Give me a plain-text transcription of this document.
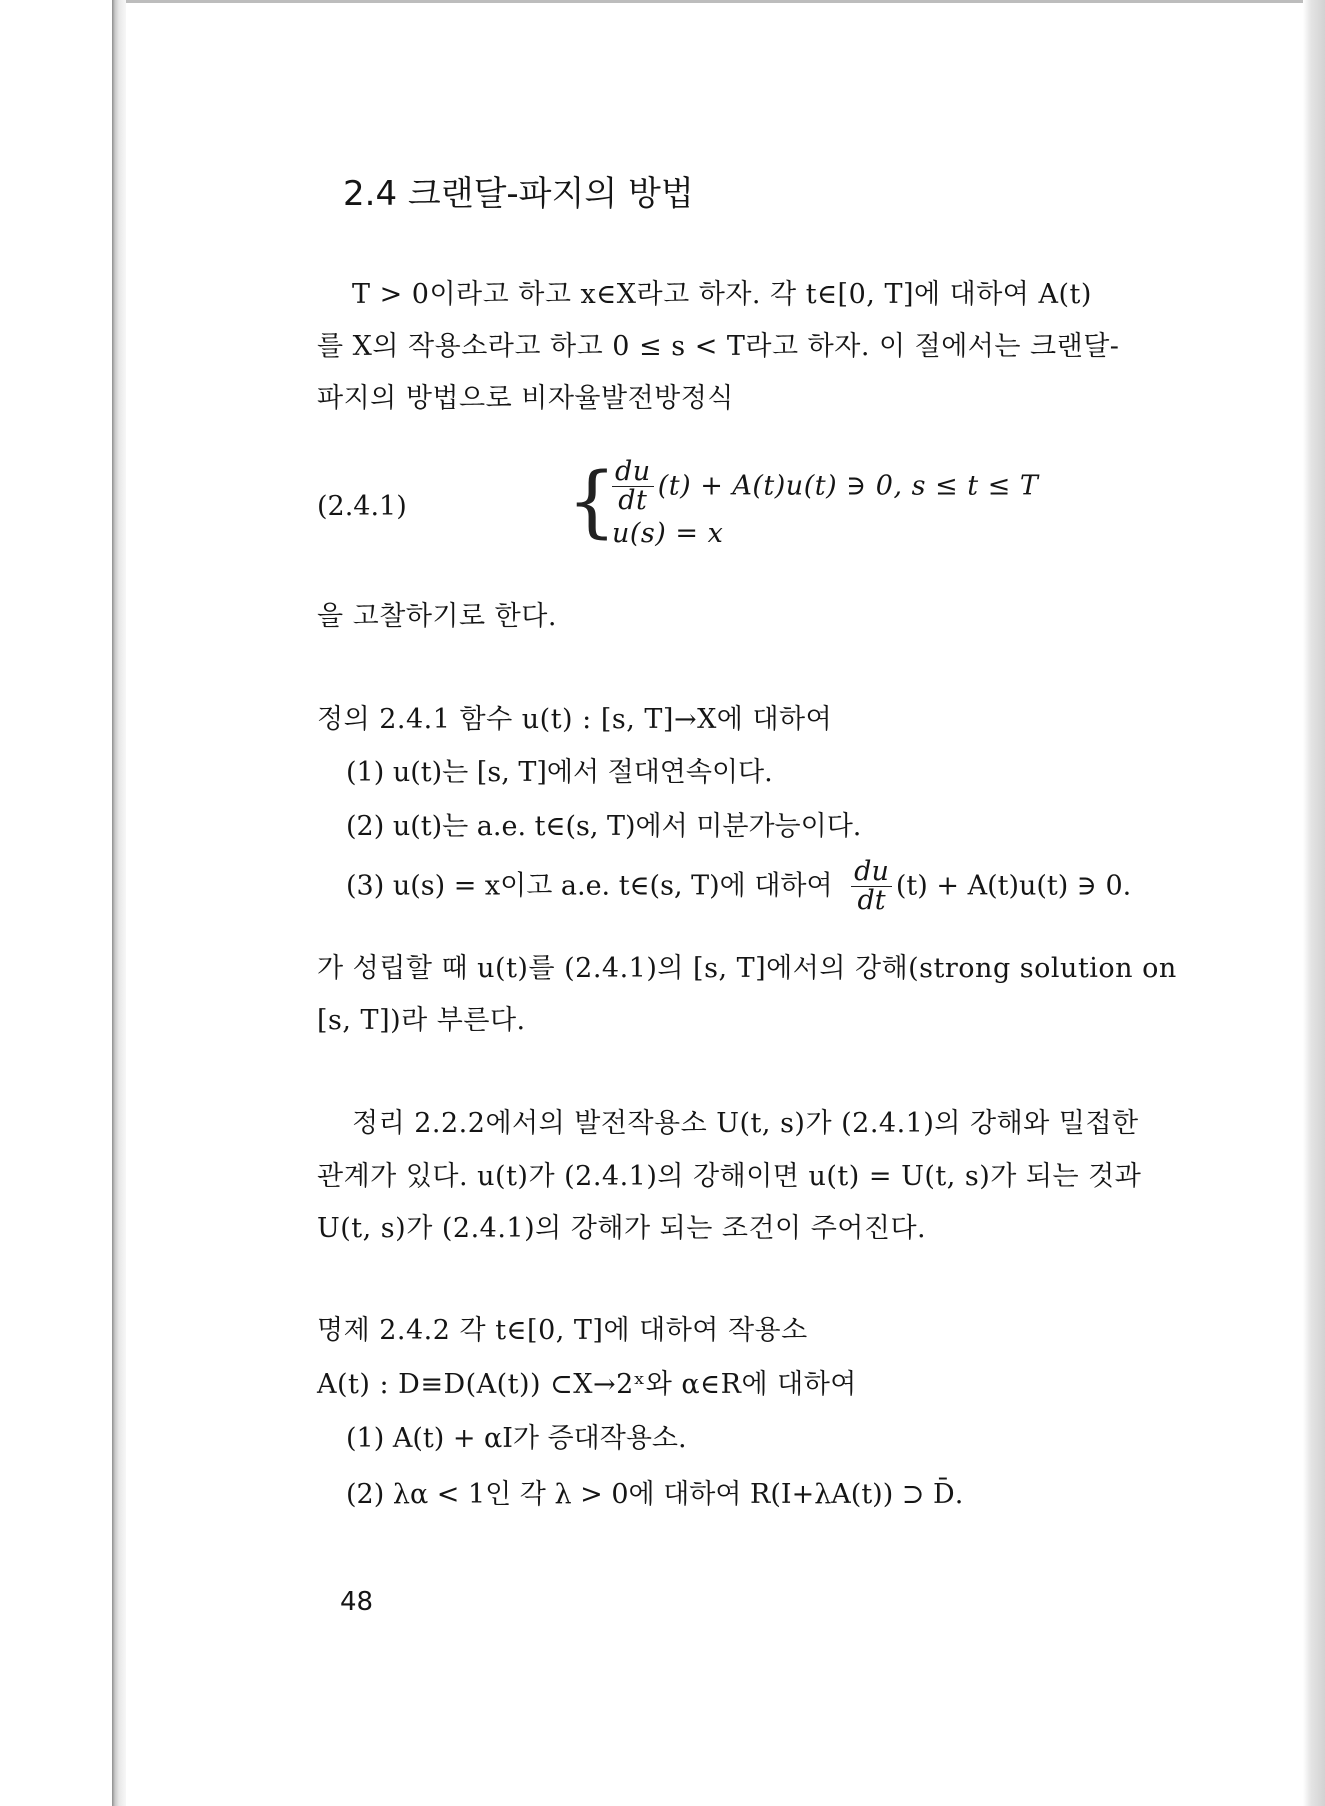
2.4 크랜달-파지의 방법
T > 0이라고 하고 x∈X라고 하자. 각 t∈[0, T]에 대하여 A(t)
를 X의 작용소라고 하고 0 ≤ s < T라고 하자. 이 절에서는 크랜달-
파지의 방법으로 비자율발전방정식
(2.4.1) {
$\frac{du}{dt} (t) + A(t)u(t)$ ∋ 0, s ≤ t ≤ T
u(s) = x
을 고찰하기로 한다.
정의 2.4.1 함수 u(t) : [s, T]→X에 대하여
(1) u(t)는 [s, T]에서 절대연속이다.
(2) u(t)는 a.e. t∈(s, T)에서 미분가능이다.
(3) u(s) = x이고 a.e. t∈(s, T)에 대하여 $\frac{du}{dt} (t) + A(t)u(t)$ ∋ 0.
가 성립할 때 u(t)를 (2.4.1)의 [s, T]에서의 강해(strong solution on
[s, T])라 부른다.
정리 2.2.2에서의 발전작용소 U(t, s)가 (2.4.1)의 강해와 밀접한
관계가 있다. u(t)가 (2.4.1)의 강해이면 u(t) = U(t, s)가 되는 것과
U(t, s)가 (2.4.1)의 강해가 되는 조건이 주어진다.
명제 2.4.2 각 t∈[0, T]에 대하여 작용소
A(t) : D≡D(A(t)) ⊂X→2ˣ와 α∈R에 대하여
(1) A(t) + αI가 증대작용소.
(2) λα < 1인 각 λ > 0에 대하여 R(I+λA(t)) ⊃ D̄.
48
